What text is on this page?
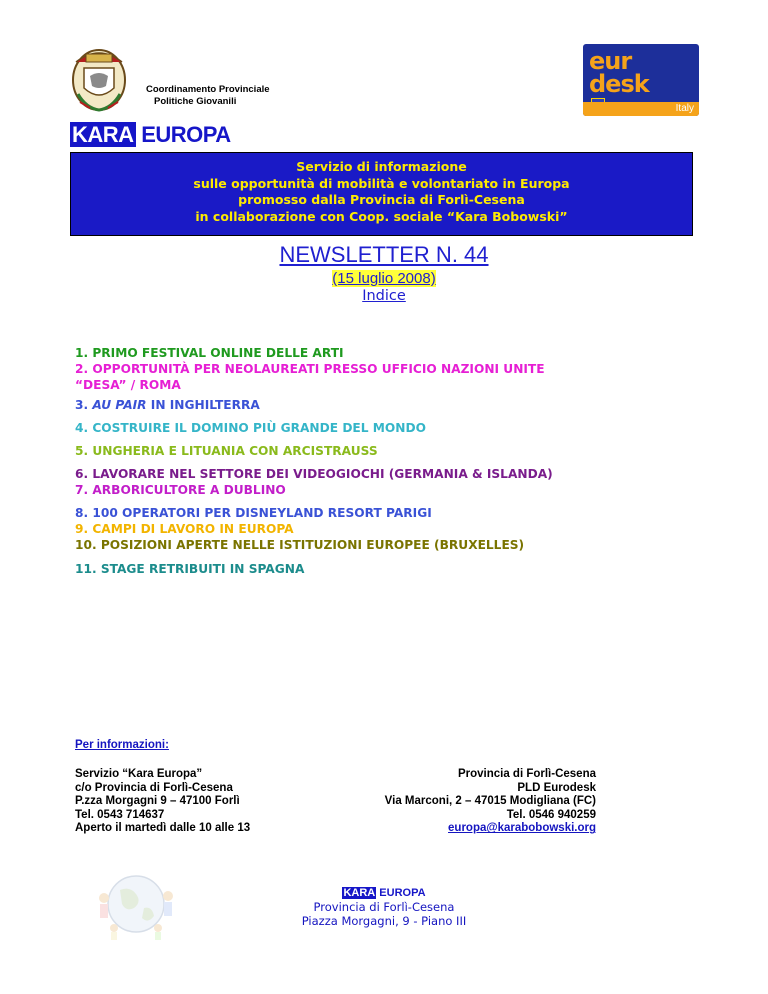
Coordinamento Provinciale
Politiche Giovanili
eur
desk
Italy
KARA EUROPA
Servizio di informazione
sulle opportunità di mobilità e volontariato in Europa
promosso dalla Provincia di Forlì-Cesena
in collaborazione con Coop. sociale “Kara Bobowski”
NEWSLETTER N. 44
(15 luglio 2008)
Indice
1. PRIMO FESTIVAL ONLINE DELLE ARTI
2. OPPORTUNITÀ PER NEOLAUREATI PRESSO UFFICIO NAZIONI UNITE
“DESA” / ROMA
3. AU PAIR IN INGHILTERRA
4. COSTRUIRE IL DOMINO PIÙ GRANDE DEL MONDO
5. UNGHERIA E LITUANIA CON ARCISTRAUSS
6. LAVORARE NEL SETTORE DEI VIDEOGIOCHI (GERMANIA & ISLANDA)
7. ARBORICULTORE A DUBLINO
8. 100 OPERATORI PER DISNEYLAND RESORT PARIGI
9. CAMPI DI LAVORO IN EUROPA
10. POSIZIONI APERTE NELLE ISTITUZIONI EUROPEE (BRUXELLES)
11. STAGE RETRIBUITI IN SPAGNA
Per informazioni:
Servizio “Kara Europa”
c/o Provincia di Forlì-Cesena
P.zza Morgagni 9 – 47100 Forlì
Tel. 0543 714637
Aperto il martedì dalle 10 alle 13
Provincia di Forlì-Cesena
PLD Eurodesk
Via Marconi, 2 – 47015 Modigliana (FC)
Tel. 0546 940259
europa@karabobowski.org
KARA EUROPA
Provincia di Forlì-Cesena
Piazza Morgagni, 9 - Piano III
